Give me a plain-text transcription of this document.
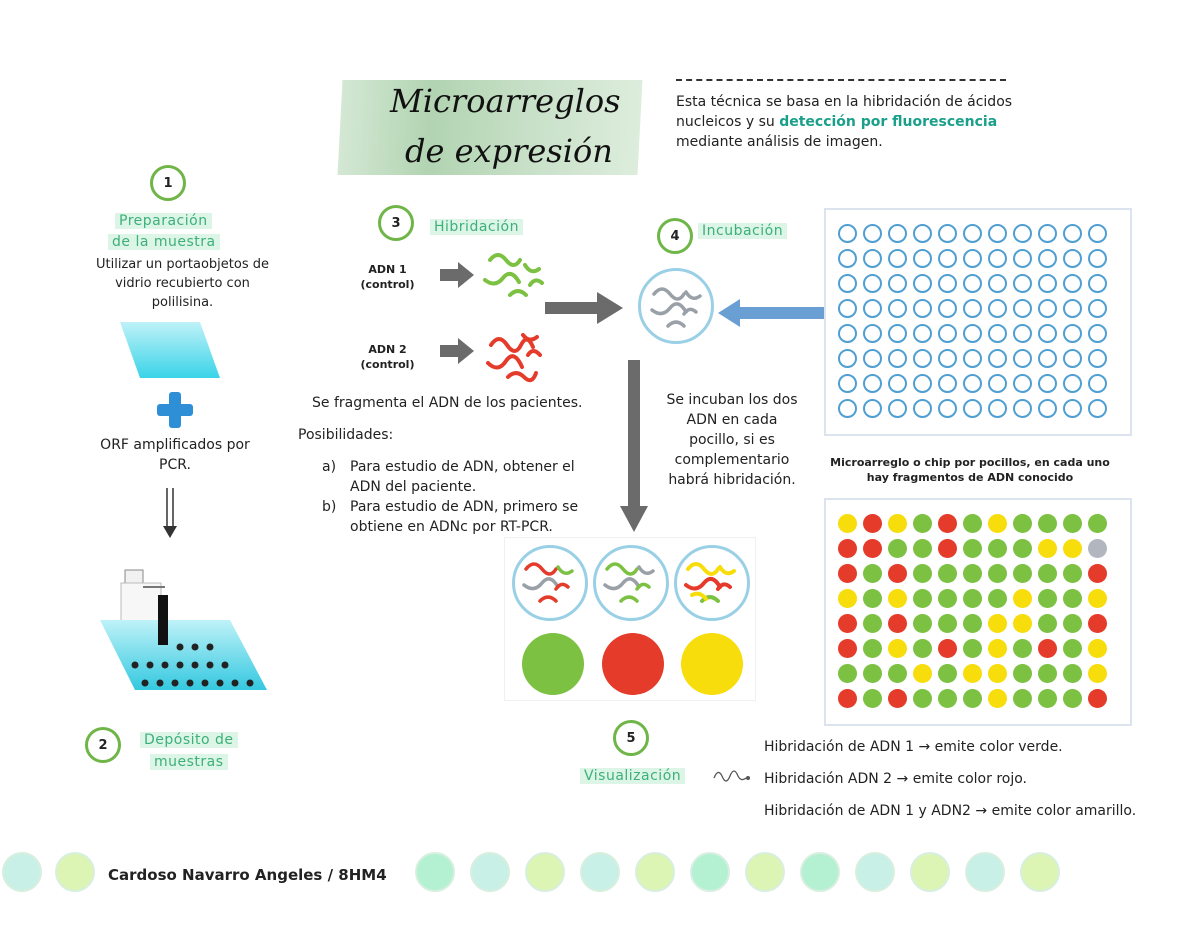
Microarreglos
de expresión
Esta técnica se basa en la hibridación de ácidos nucleicos y su detección por fluorescencia mediante análisis de imagen.
1
Preparación
de la muestra
Utilizar un portaobjetos de vidrio recubierto con polilisina.
ORF amplificados por PCR.
2	Depósito de
muestras
3	Hibridación
ADN 1
(control)
ADN 2
(control)
Se fragmenta el ADN de los pacientes.
Posibilidades:
a) Para estudio de ADN, obtener el ADN del paciente.
b) Para estudio de ADN, primero se obtiene en ADNc por RT-PCR.
4	Incubación
Se incuban los dos ADN en cada pocillo, si es complementario habrá hibridación.
Microarreglo o chip por pocillos, en cada uno hay fragmentos de ADN conocido
5
Visualización
Hibridación de ADN 1 → emite color verde.
Hibridación ADN 2 → emite color rojo.
Hibridación de ADN 1 y ADN2 → emite color amarillo.
Cardoso Navarro Angeles / 8HM4
